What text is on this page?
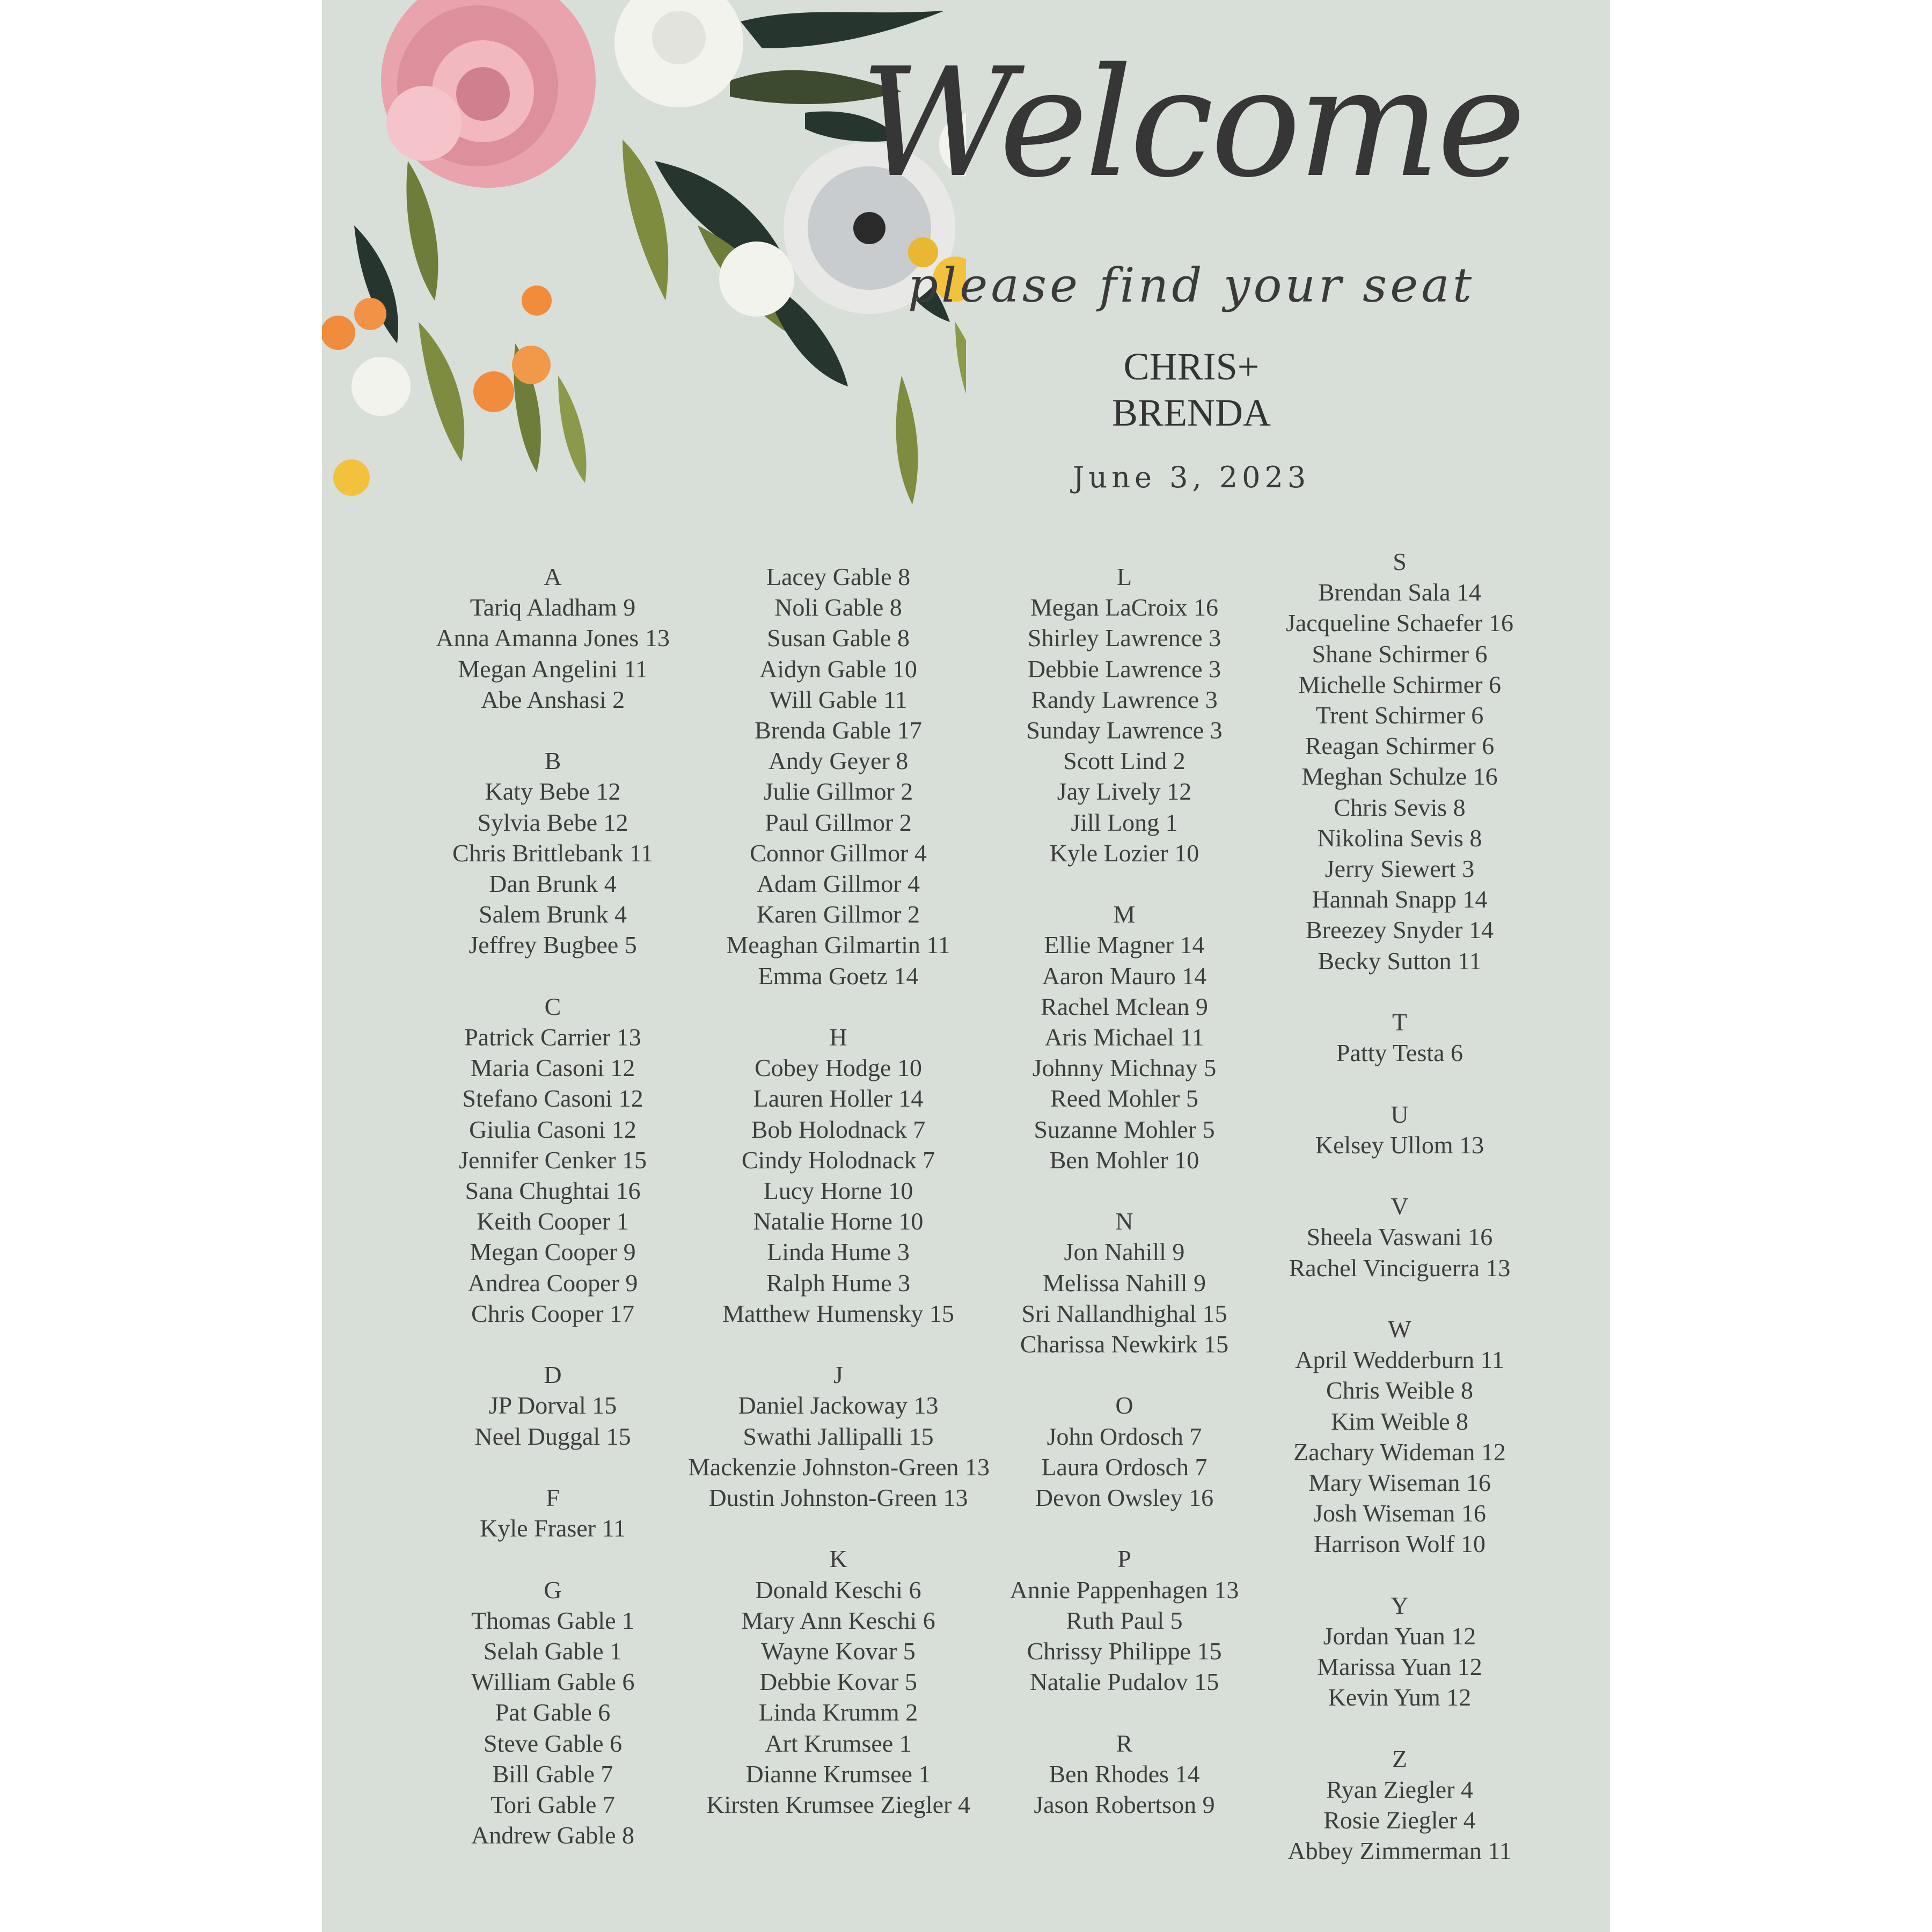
Welcome
please find your seat
CHRIS+
BRENDA
June 3, 2023
A
Tariq Aladham 9
Anna Amanna Jones 13
Megan Angelini 11
Abe Anshasi 2
B
Katy Bebe 12
Sylvia Bebe 12
Chris Brittlebank 11
Dan Brunk 4
Salem Brunk 4
Jeffrey Bugbee 5
C
Patrick Carrier 13
Maria Casoni 12
Stefano Casoni 12
Giulia Casoni 12
Jennifer Cenker 15
Sana Chughtai 16
Keith Cooper 1
Megan Cooper 9
Andrea Cooper 9
Chris Cooper 17
D
JP Dorval 15
Neel Duggal 15
F
Kyle Fraser 11
G
Thomas Gable 1
Selah Gable 1
William Gable 6
Pat Gable 6
Steve Gable 6
Bill Gable 7
Tori Gable 7
Andrew Gable 8
Lacey Gable 8
Noli Gable 8
Susan Gable 8
Aidyn Gable 10
Will Gable 11
Brenda Gable 17
Andy Geyer 8
Julie Gillmor 2
Paul Gillmor 2
Connor Gillmor 4
Adam Gillmor 4
Karen Gillmor 2
Meaghan Gilmartin 11
Emma Goetz 14
H
Cobey Hodge 10
Lauren Holler 14
Bob Holodnack 7
Cindy Holodnack 7
Lucy Horne 10
Natalie Horne 10
Linda Hume 3
Ralph Hume 3
Matthew Humensky 15
J
Daniel Jackoway 13
Swathi Jallipalli 15
Mackenzie Johnston-Green 13
Dustin Johnston-Green 13
K
Donald Keschi 6
Mary Ann Keschi 6
Wayne Kovar 5
Debbie Kovar 5
Linda Krumm 2
Art Krumsee 1
Dianne Krumsee 1
Kirsten Krumsee Ziegler 4
L
Megan LaCroix 16
Shirley Lawrence 3
Debbie Lawrence 3
Randy Lawrence 3
Sunday Lawrence 3
Scott Lind 2
Jay Lively 12
Jill Long 1
Kyle Lozier 10
M
Ellie Magner 14
Aaron Mauro 14
Rachel Mclean 9
Aris Michael 11
Johnny Michnay 5
Reed Mohler 5
Suzanne Mohler 5
Ben Mohler 10
N
Jon Nahill 9
Melissa Nahill 9
Sri Nallandhighal 15
Charissa Newkirk 15
O
John Ordosch 7
Laura Ordosch 7
Devon Owsley 16
P
Annie Pappenhagen 13
Ruth Paul 5
Chrissy Philippe 15
Natalie Pudalov 15
R
Ben Rhodes 14
Jason Robertson 9
S
Brendan Sala 14
Jacqueline Schaefer 16
Shane Schirmer 6
Michelle Schirmer 6
Trent Schirmer 6
Reagan Schirmer 6
Meghan Schulze 16
Chris Sevis 8
Nikolina Sevis 8
Jerry Siewert 3
Hannah Snapp 14
Breezey Snyder 14
Becky Sutton 11
T
Patty Testa 6
U
Kelsey Ullom 13
V
Sheela Vaswani 16
Rachel Vinciguerra 13
W
April Wedderburn 11
Chris Weible 8
Kim Weible 8
Zachary Wideman 12
Mary Wiseman 16
Josh Wiseman 16
Harrison Wolf 10
Y
Jordan Yuan 12
Marissa Yuan 12
Kevin Yum 12
Z
Ryan Ziegler 4
Rosie Ziegler 4
Abbey Zimmerman 11
